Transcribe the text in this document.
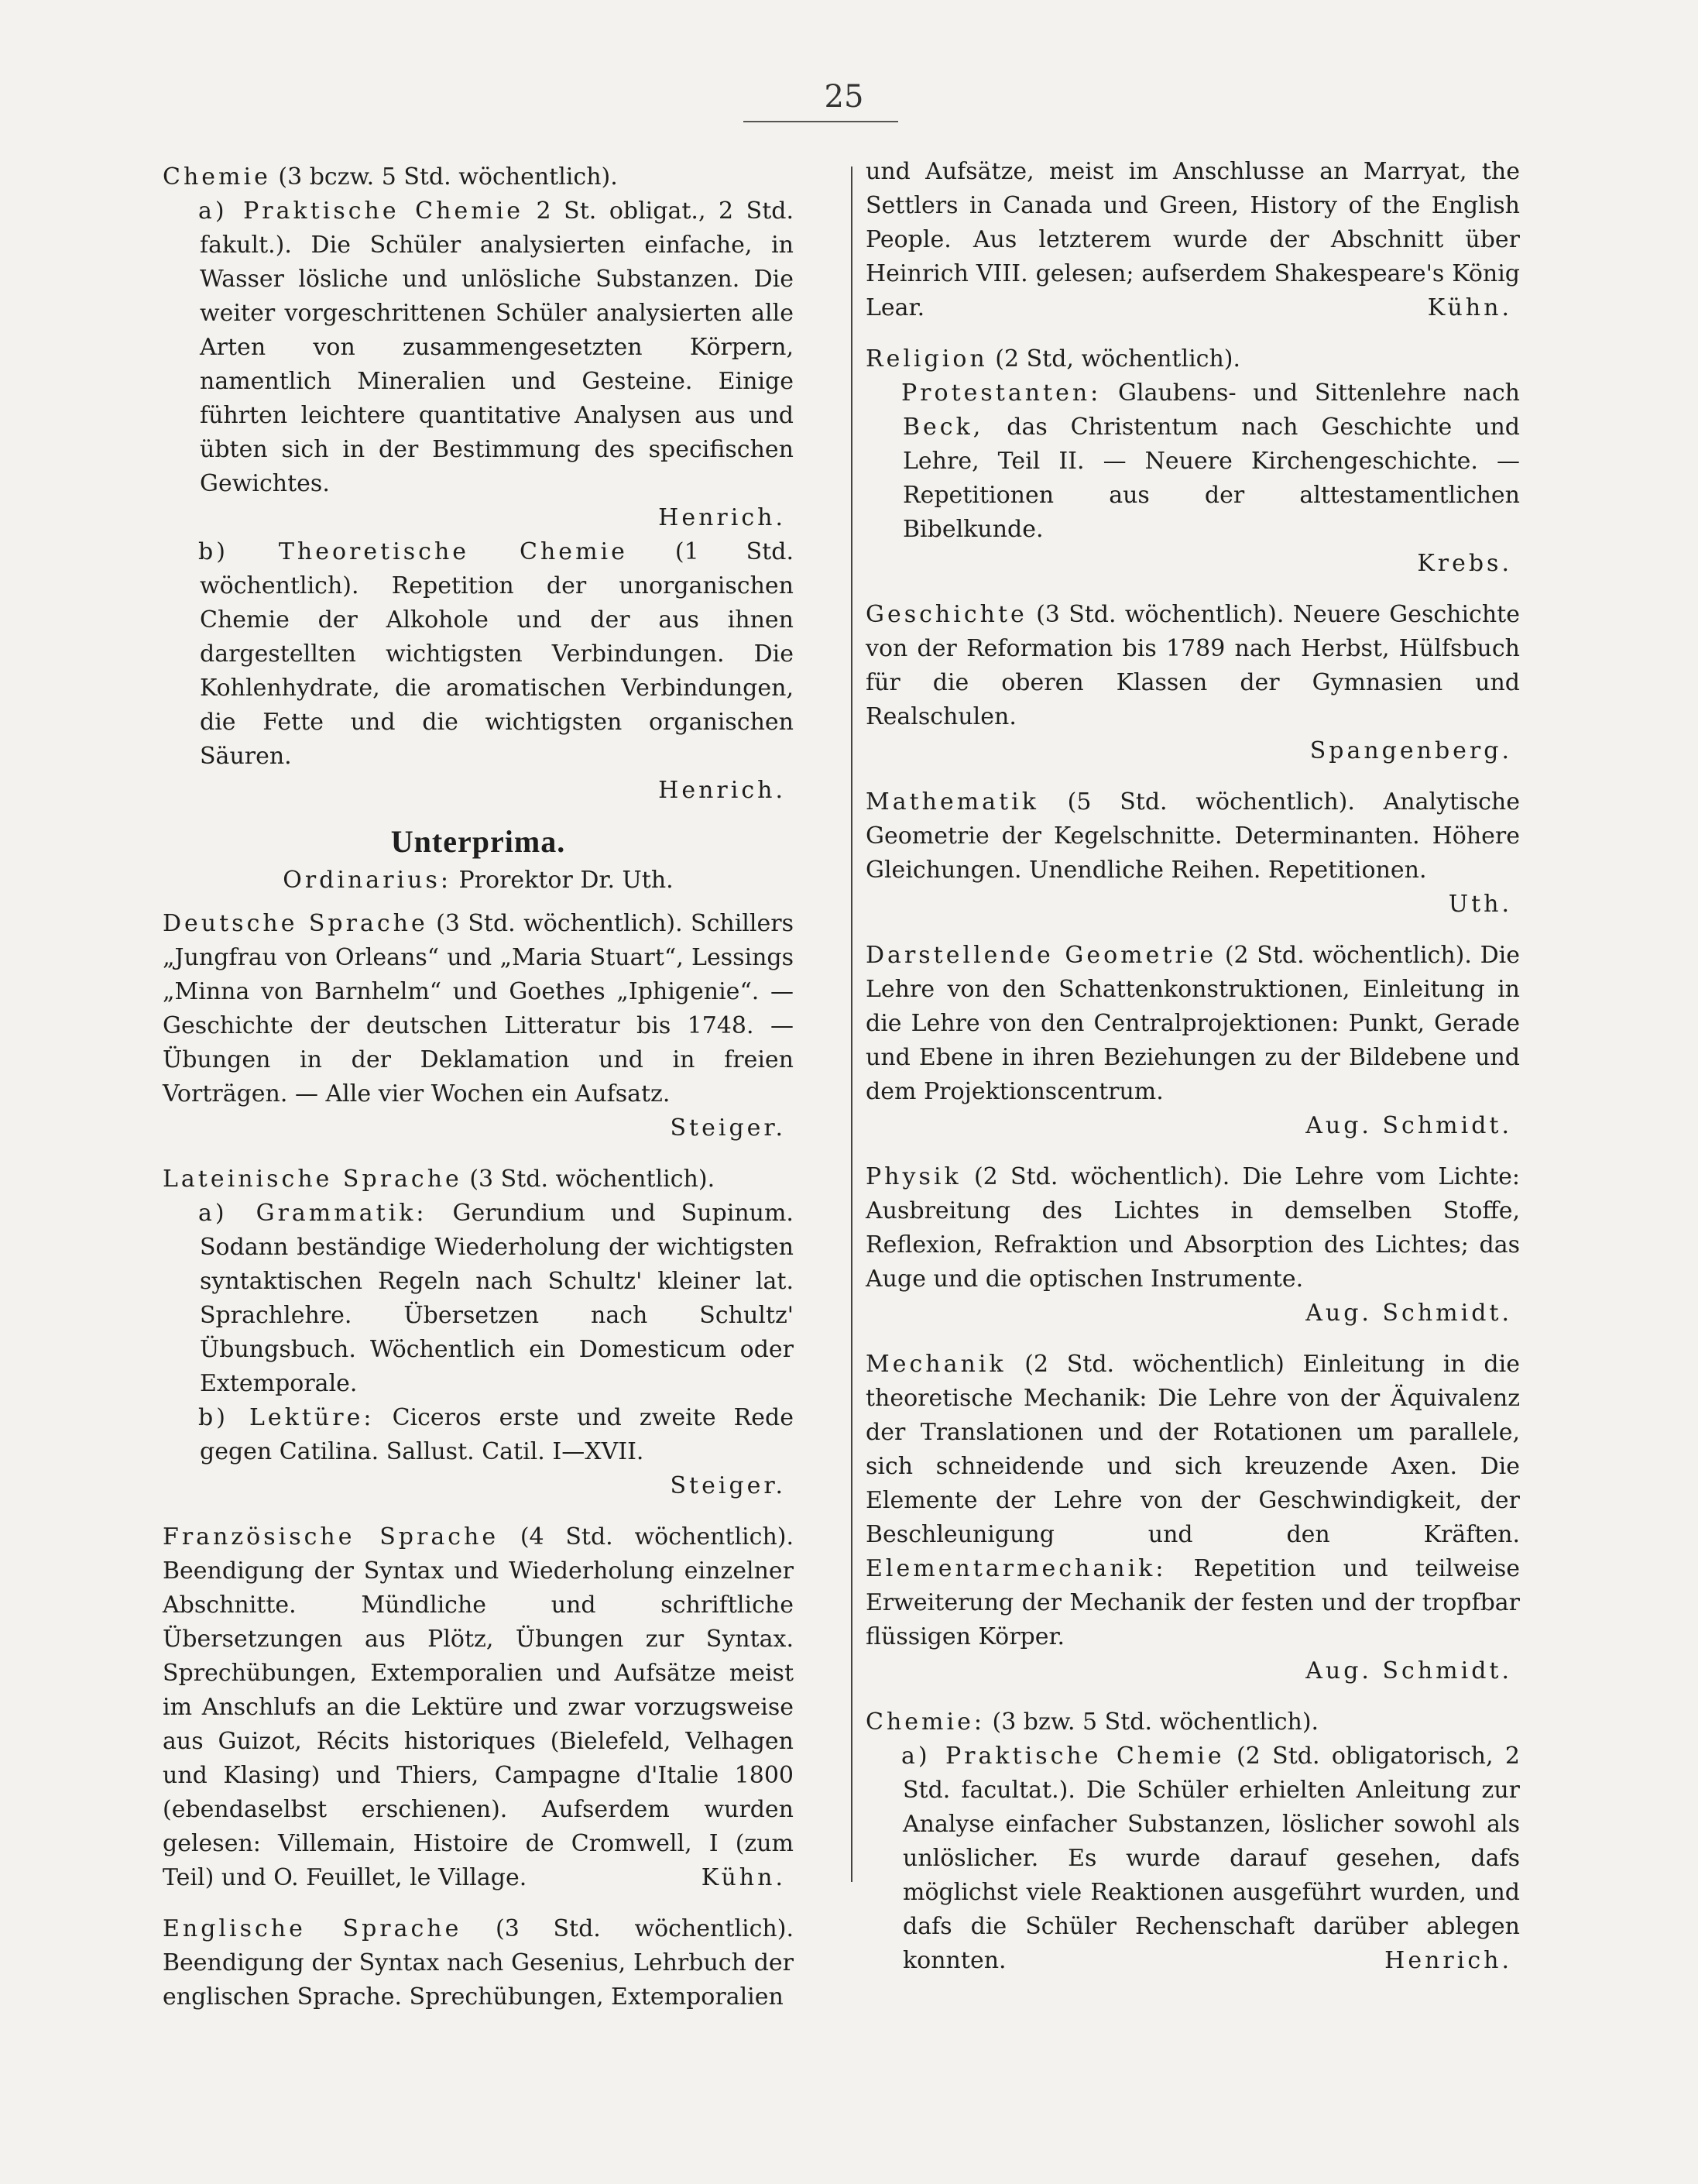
25

Chemie (3 bczw. 5 Std. wöchentlich).

a) Praktische Chemie 2 St. obligat., 2 Std. fakult.). Die Schüler analysierten einfache, in Wasser lösliche und unlösliche Substanzen. Die weiter vorgeschrittenen Schüler analysierten alle Arten von zusammengesetzten Körpern, namentlich Mineralien und Gesteine. Einige führten leichtere quantitative Analysen aus und übten sich in der Bestimmung des specifischen Gewichtes.

Henrich.

b) Theoretische Chemie (1 Std. wöchentlich). Repetition der unorganischen Chemie der Alkohole und der aus ihnen dargestellten wichtigsten Verbindungen. Die Kohlenhydrate, die aromatischen Verbindungen, die Fette und die wichtigsten organischen Säuren.

Henrich.

Unterprima.

Ordinarius: Prorektor Dr. Uth.

Deutsche Sprache (3 Std. wöchentlich). Schillers „Jungfrau von Orleans“ und „Maria Stuart“, Lessings „Minna von Barnhelm“ und Goethes „Iphigenie“. — Geschichte der deutschen Litteratur bis 1748. — Übungen in der Deklamation und in freien Vorträgen. — Alle vier Wochen ein Aufsatz.

Steiger.

Lateinische Sprache (3 Std. wöchentlich).

a) Grammatik: Gerundium und Supinum. Sodann beständige Wiederholung der wichtigsten syntaktischen Regeln nach Schultz' kleiner lat. Sprachlehre. Übersetzen nach Schultz' Übungsbuch. Wöchentlich ein Domesticum oder Extemporale.

b) Lektüre: Ciceros erste und zweite Rede gegen Catilina. Sallust. Catil. I—XVII.

Steiger.

Französische Sprache (4 Std. wöchentlich). Beendigung der Syntax und Wiederholung einzelner Abschnitte. Mündliche und schriftliche Übersetzungen aus Plötz, Übungen zur Syntax. Sprechübungen, Extemporalien und Aufsätze meist im Anschlufs an die Lektüre und zwar vorzugsweise aus Guizot, Récits historiques (Bielefeld, Velhagen und Klasing) und Thiers, Campagne d'Italie 1800 (ebendaselbst erschienen). Aufserdem wurden gelesen: Villemain, Histoire de Cromwell, I (zum Teil) und O. Feuillet, le Village.	Kühn.

Englische Sprache (3 Std. wöchentlich). Beendigung der Syntax nach Gesenius, Lehrbuch der englischen Sprache. Sprechübungen, Extemporalien

und Aufsätze, meist im Anschlusse an Marryat, the Settlers in Canada und Green, History of the English People. Aus letzterem wurde der Abschnitt über Heinrich VIII. gelesen; aufserdem Shakespeare's König Lear.	Kühn.

Religion (2 Std, wöchentlich).

Protestanten: Glaubens- und Sittenlehre nach Beck, das Christentum nach Geschichte und Lehre, Teil II. — Neuere Kirchengeschichte. — Repetitionen aus der alttestamentlichen Bibelkunde.

Krebs.

Geschichte (3 Std. wöchentlich). Neuere Geschichte von der Reformation bis 1789 nach Herbst, Hülfsbuch für die oberen Klassen der Gymnasien und Realschulen.

Spangenberg.

Mathematik (5 Std. wöchentlich). Analytische Geometrie der Kegelschnitte. Determinanten. Höhere Gleichungen. Unendliche Reihen. Repetitionen.

Uth.

Darstellende Geometrie (2 Std. wöchentlich). Die Lehre von den Schattenkonstruktionen, Einleitung in die Lehre von den Centralprojektionen: Punkt, Gerade und Ebene in ihren Beziehungen zu der Bildebene und dem Projektionscentrum.

Aug. Schmidt.

Physik (2 Std. wöchentlich). Die Lehre vom Lichte: Ausbreitung des Lichtes in demselben Stoffe, Reflexion, Refraktion und Absorption des Lichtes; das Auge und die optischen Instrumente.

Aug. Schmidt.

Mechanik (2 Std. wöchentlich) Einleitung in die theoretische Mechanik: Die Lehre von der Äquivalenz der Translationen und der Rotationen um parallele, sich schneidende und sich kreuzende Axen. Die Elemente der Lehre von der Geschwindigkeit, der Beschleunigung und den Kräften. Elementarmechanik: Repetition und teilweise Erweiterung der Mechanik der festen und der tropfbar flüssigen Körper.

Aug. Schmidt.

Chemie: (3 bzw. 5 Std. wöchentlich).

a) Praktische Chemie (2 Std. obligatorisch, 2 Std. facultat.). Die Schüler erhielten Anleitung zur Analyse einfacher Substanzen, löslicher sowohl als unlöslicher. Es wurde darauf gesehen, dafs möglichst viele Reaktionen ausgeführt wurden, und dafs die Schüler Rechenschaft darüber ablegen konnten.	Henrich.
